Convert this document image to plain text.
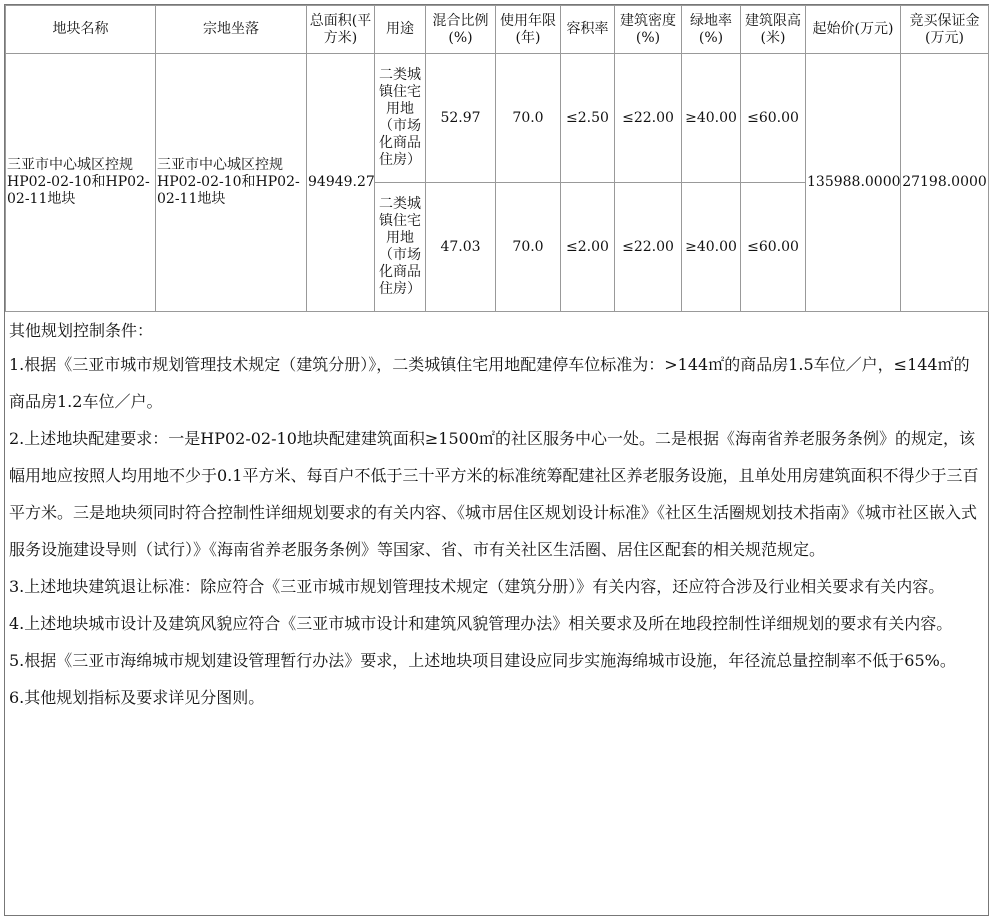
地块名称	宗地坐落	总面积(平方米)	用途	混合比例(%)	使用年限(年)	容积率	建筑密度(%)	绿地率(%)	建筑限高(米)	起始价(万元)	竞买保证金(万元)
三亚市中心城区控规HP02-02-10和HP02-02-11地块	三亚市中心城区控规HP02-02-10和HP02-02-11地块	94949.27	二类城镇住宅用地（市场化商品住房）	52.97	70.0	≤2.50	≤22.00	≥40.00	≤60.00	135988.0000	27198.0000
			二类城镇住宅用地（市场化商品住房）	47.03	70.0	≤2.00	≤22.00	≥40.00	≤60.00		

其他规划控制条件：

1.根据《三亚市城市规划管理技术规定（建筑分册）》，二类城镇住宅用地配建停车位标准为：>144㎡的商品房1.5车位／户，≤144㎡的商品房1.2车位／户。

2.上述地块配建要求：一是HP02-02-10地块配建建筑面积≥1500㎡的社区服务中心一处。二是根据《海南省养老服务条例》的规定，该幅用地应按照人均用地不少于0.1平方米、每百户不低于三十平方米的标准统筹配建社区养老服务设施，且单处用房建筑面积不得少于三百平方米。三是地块须同时符合控制性详细规划要求的有关内容、《城市居住区规划设计标准》《社区生活圈规划技术指南》《城市社区嵌入式服务设施建设导则（试行）》《海南省养老服务条例》等国家、省、市有关社区生活圈、居住区配套的相关规范规定。

3.上述地块建筑退让标准：除应符合《三亚市城市规划管理技术规定（建筑分册）》有关内容，还应符合涉及行业相关要求有关内容。

4.上述地块城市设计及建筑风貌应符合《三亚市城市设计和建筑风貌管理办法》相关要求及所在地段控制性详细规划的要求有关内容。

5.根据《三亚市海绵城市规划建设管理暂行办法》要求，上述地块项目建设应同步实施海绵城市设施，年径流总量控制率不低于65%。

6.其他规划指标及要求详见分图则。
